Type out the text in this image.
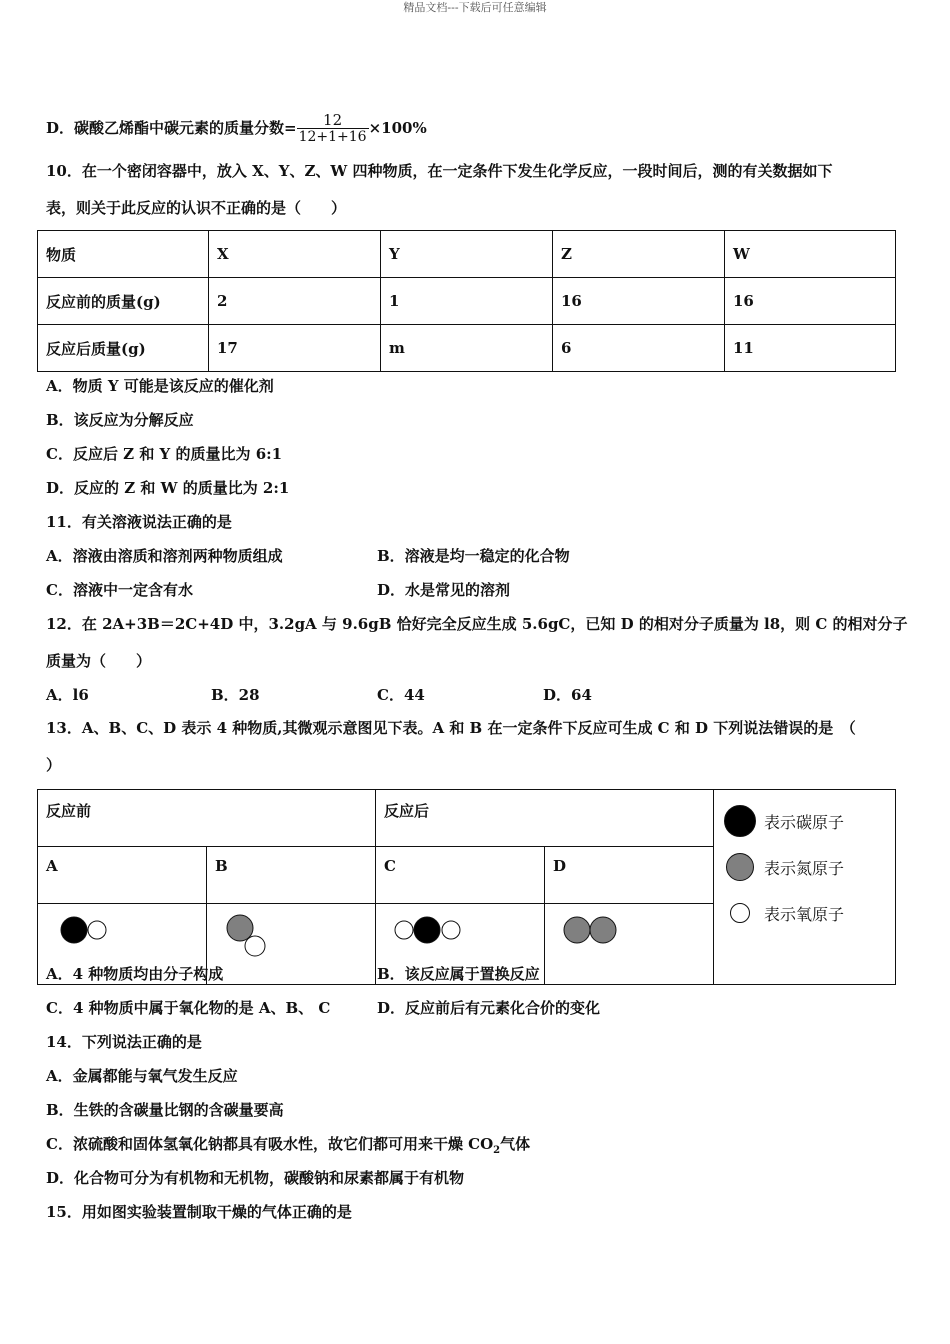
精品文档---下载后可任意编辑
D．碳酸乙烯酯中碳元素的质量分数= $\frac{12}{12+1+16} \times 100\%$
10．在一个密闭容器中，放入 X、Y、Z、W 四种物质，在一定条件下发生化学反应，一段时间后，测的有关数据如下
表，则关于此反应的认识不正确的是（　　）
物质	X	Y	Z	W
反应前的质量(g)	2	1	16	16
反应后质量(g)	17	m	6	11
A．物质 Y 可能是该反应的催化剂
B．该反应为分解反应
C．反应后 Z 和 Y 的质量比为 6:1
D．反应的 Z 和 W 的质量比为 2:1
11．有关溶液说法正确的是
A．溶液由溶质和溶剂两种物质组成	B．溶液是均一稳定的化合物
C．溶液中一定含有水	D．水是常见的溶剂
12．在 2A+3B＝2C+4D 中，3.2gA 与 9.6gB 恰好完全反应生成 5.6gC，已知 D 的相对分子质量为 l8，则 C 的相对分子
质量为（　　）
A．l6	B．28	C．44	D．64
13．A、B、C、D 表示 4 种物质,其微观示意图见下表。A 和 B 在一定条件下反应可生成 C 和 D 下列说法错误的是　（
）
反应前		反应后		表示碳原子
表示氮原子
表示氧原子

A	B	C	D	

A．4 种物质均由分子构成	B．该反应属于置换反应
C．4 种物质中属于氧化物的是 A、B、 C	D．反应前后有元素化合价的变化
14．下列说法正确的是
A．金属都能与氧气发生反应
B．生铁的含碳量比钢的含碳量要高
C．浓硫酸和固体氢氧化钠都具有吸水性，故它们都可用来干燥 $CO_2$气体
D．化合物可分为有机物和无机物，碳酸钠和尿素都属于有机物
15．用如图实验装置制取干燥的气体正确的是
